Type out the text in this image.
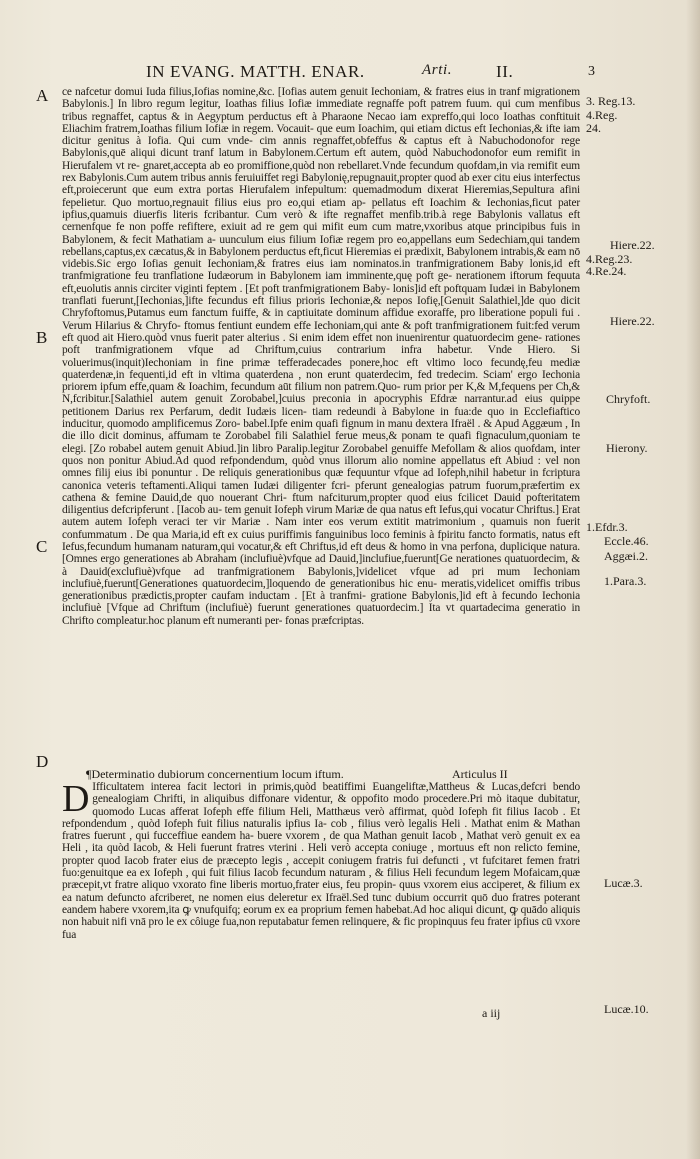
IN EVANG. MATTH. ENAR.	Arti.	II.	3
A
B
C
D
3. Reg.13.
4.Reg.
24.
Hiere.22.
4.Reg.23.
4.Re.24.
Hiere.22.
Chryfoft.
Hierony.
1.Efdr.3.
Eccle.46.
Aggæi.2.
1.Para.3.
Lucæ.3.
Lucæ.10.

ce nafcetur domui Iuda filius,Iofias nomine,&c. [Iofias autem genuit Iechoniam, & fratres eius in tranf migrationem Babylonis.] In libro regum legitur, Ioathas filius Iofiæ immediate regnaffe poft patrem fuum. qui cum menfibus tribus regnaffet, captus & in Aegyptum perductus eft à Pharaone Necao iam expreffo,qui loco Ioathas conftituit Eliachim fratrem,Ioathas filium Iofiæ in regem. Vocauit- que eum Ioachim, qui etiam dictus eft Iechonias,& ifte iam dicitur genitus à Iofia. Qui cum vnde- cim annis regnaffet,obfeffus & captus eft à Nabuchodonofor rege Babylonis,quē aliqui dicunt tranf latum in Babylonem.Certum eft autem, quòd Nabuchodonofor eum remifit in Hierufalem vt re- gnaret,accepta ab eo promiffione,quòd non rebellaret.Vnde fecundum quofdam,in via remifit eum rex Babylonis.Cum autem tribus annis feruiuiffet regi Babylonię,repugnauit,propter quod ab exer citu eius interfectus eft,proiecerunt que eum extra portas Hierufalem infepultum: quemadmodum dixerat Hieremias,Sepultura afini fepelietur. Quo mortuo,regnauit filius eius pro eo,qui etiam ap- pellatus eft Ioachim & Iechonias,ficut pater ipfius,quamuis diuerfis literis fcribantur. Cum verò & ifte regnaffet menfib.trib.à rege Babylonis vallatus eft cernenfque fe non poffe refiftere, exiuit ad re gem qui mifit eum cum matre,vxoribus atque principibus fuis in Babylonem, & fecit Mathatiam a- uunculum eius filium Iofiæ regem pro eo,appellans eum Sedechiam,qui tandem rebellans,captus,ex cæcatus,& in Babylonem perductus eft,ficut Hieremias ei prædixit, Babylonem intrabis,& eam nō videbis.Sic ergo Iofias genuit Iechoniam,& fratres eius iam nominatos.in tranfmigrationem Baby lonis,id eft tranfmigratione feu tranflatione Iudæorum in Babylonem iam imminente,quę poft ge- nerationem iftorum fequuta eft,euolutis annis circiter viginti feptem . [Et poft tranfmigrationem Baby- lonis]id eft poftquam Iudæi in Babylonem tranflati fuerunt,[Iechonias,]ifte fecundus eft filius prioris Iechoniæ,& nepos Iofię,[Genuit Salathiel,]de quo dicit Chryfoftomus,Putamus eum fanctum fuiffe, & in captiuitate dominum affidue exoraffe, pro liberatione populi fui . Verum Hilarius & Chryfo- ftomus fentiunt eundem effe Iechoniam,qui ante & poft tranfmigrationem fuit:fed verum eft quod ait Hiero.quòd vnus fuerit pater alterius . Si enim idem effet non inuenirentur quatuordecim gene- rationes poft tranfmigrationem vfque ad Chriftum,cuius contrarium infra habetur. Vnde Hiero. Si voluerimus(inquit)Iechoniam in fine primæ tefferadecades ponere,hoc eft vltimo loco fecundę,feu mediæ quaterdenæ,in fequenti,id eft in vltima quaterdena , non erunt quaterdecim, fed tredecim. Sciam' ergo Iechonia priorem ipfum effe,quam & Ioachim, fecundum aūt filium non patrem.Quo- rum prior per K,& M,fequens per Ch,& N,fcribitur.[Salathiel autem genuit Zorobabel,]cuius preconia in apocryphis Efdræ narrantur.ad eius quippe petitionem Darius rex Perfarum, dedit Iudæis licen- tiam redeundi à Babylone in fua:de quo in Ecclefiaftico inducitur, quomodo amplificemus Zoro- babel.Ipfe enim quafi fignum in manu dextera Ifraël . & Apud Aggæum , In die illo dicit dominus, affumam te Zorobabel fili Salathiel ferue meus,& ponam te quafi fignaculum,quoniam te elegi. [Zo robabel autem genuit Abiud.]in libro Paralip.legitur Zorobabel genuiffe Mefollam & alios quofdam, inter quos non ponitur Abiud.Ad quod refpondendum, quòd vnus illorum alio nomine appellatus eft Abiud : vel non omnes filij eius ibi ponuntur . De reliquis generationibus quæ fequuntur vfque ad Iofeph,nihil habetur in fcriptura canonica veteris teftamenti.Aliqui tamen Iudæi diligenter fcri- pferunt genealogias patrum fuorum,præfertim ex cathena & femine Dauid,de quo nouerant Chri- ftum nafciturum,propter quod eius fcilicet Dauid pofteritatem diligentius defcripferunt . [Iacob au- tem genuit Iofeph virum Mariæ de qua natus eft Iefus,qui vocatur Chriftus.] Erat autem autem Iofeph veraci ter vir Mariæ . Nam inter eos verum extitit matrimonium , quamuis non fuerit confummatum . De qua Maria,id eft ex cuius puriffimis fanguinibus loco feminis à fpiritu fancto formatis, natus eft Iefus,fecundum humanam naturam,qui vocatur,& eft Chriftus,id eft deus & homo in vna perfona, duplicique natura.[Omnes ergo generationes ab Abraham (inclufiuè)vfque ad Dauid,]inclufiue,fuerunt[Ge nerationes quatuordecim, & à Dauid(exclufiuè)vfque ad tranfmigrationem Babylonis,]videlicet vfque ad pri mum Iechoniam inclufiuè,fuerunt[Generationes quatuordecim,]loquendo de generationibus hic enu- meratis,videlicet omiffis tribus generationibus prædictis,propter caufam inductam . [Et à tranfmi- gratione Babylonis,]id eft à fecundo Iechonia inclufiuè [Vfque ad Chriftum (inclufiuè) fuerunt generationes quatuordecim.] Ita vt quartadecima generatio in Chrifto compleatur.hoc planum eft numeranti per- fonas præfcriptas.

¶Determinatio dubiorum concernentium locum iftum.	Articulus II
D Ifficultatem interea facit lectori in primis,quòd beatiffimi Euangeliftæ,Mattheus & Lucas,defcri bendo genealogiam Chrifti, in aliquibus diffonare videntur, & oppofito modo procedere.Pri mò itaque dubitatur, quomodo Lucas afferat Iofeph effe filium Heli, Matthæus verò affirmat, quòd Iofeph fit filius Iacob . Et refpondendum , quòd Iofeph fuit filius naturalis ipfius Ia- cob , filius verò legalis Heli . Mathat enim & Mathan fratres fuerunt , qui fucceffiue eandem ha- buere vxorem , de qua Mathan genuit Iacob , Mathat verò genuit ex ea Heli , ita quòd Iacob, & Heli fuerunt fratres vterini . Heli verò accepta coniuge , mortuus eft non relicto femine, propter quod Iacob frater eius de præcepto legis , accepit coniugem fratris fui defuncti , vt fufcitaret femen fratri fuo:genuitque ea ex Iofeph , qui fuit filius Iacob fecundum naturam , & filius Heli fecundum legem Mofaicam,quæ præcepit,vt fratre aliquo vxorato fine liberis mortuo,frater eius, feu propin- quus vxorem eius acciperet, & filium ex ea natum defuncto afcriberet, ne nomen eius deleretur ex Ifraël.Sed tunc dubium occurrit quō duo fratres poterant eandem habere vxorem,ita ꝙ vnufquifq; eorum ex ea proprium femen habebat.Ad hoc aliqui dicunt, ꝙ quādo aliquis non habuit nifi vnā pro le ex côiuge fua,non reputabatur femen relinquere, & fic propinquus feu frater ipfius cū vxore fua
a iij
